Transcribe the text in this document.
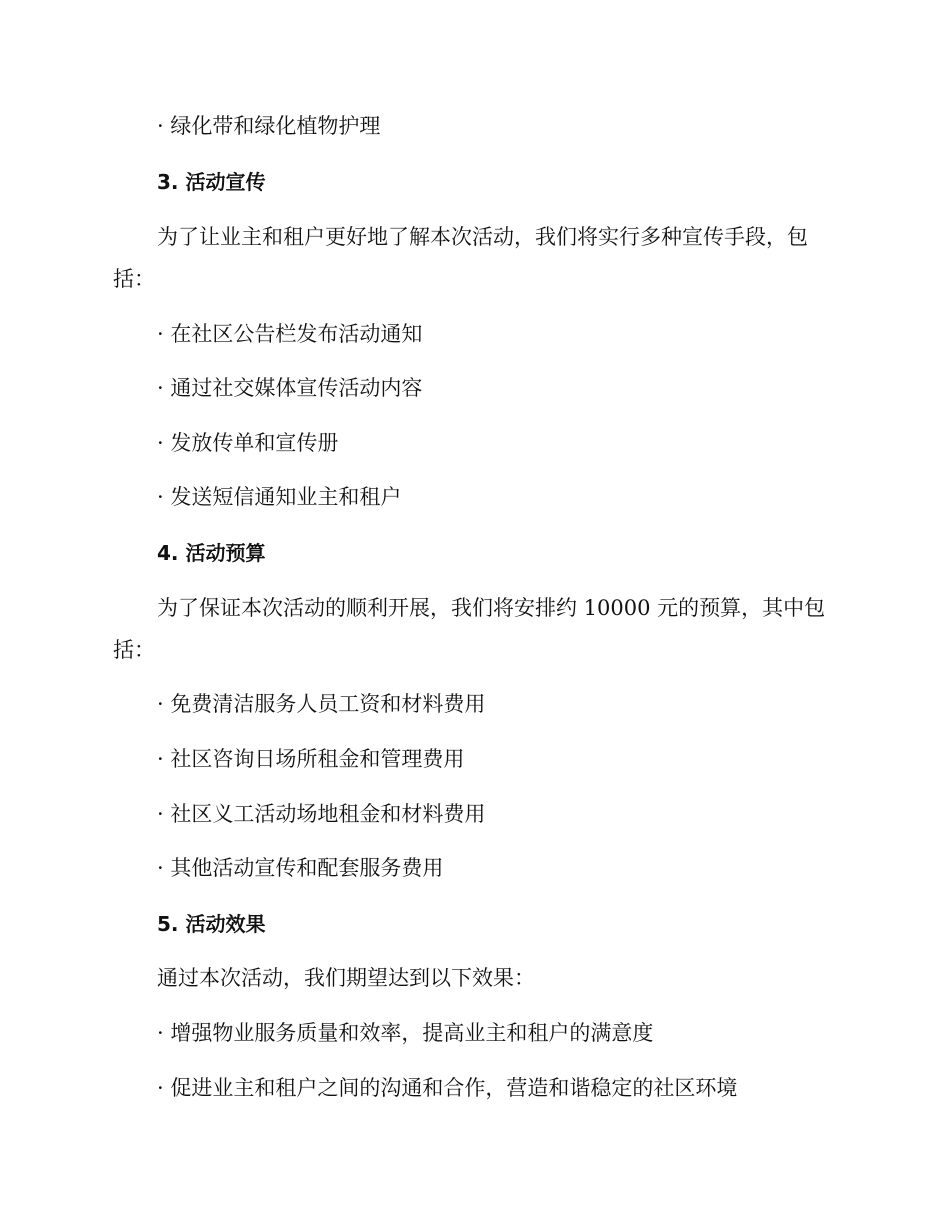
· 绿化带和绿化植物护理
3. 活动宣传
为了让业主和租户更好地了解本次活动，我们将实行多种宣传手段，包括：
· 在社区公告栏发布活动通知
· 通过社交媒体宣传活动内容
· 发放传单和宣传册
· 发送短信通知业主和租户
4. 活动预算
为了保证本次活动的顺利开展，我们将安排约 10000 元的预算，其中包括：
· 免费清洁服务人员工资和材料费用
· 社区咨询日场所租金和管理费用
· 社区义工活动场地租金和材料费用
· 其他活动宣传和配套服务费用
5. 活动效果
通过本次活动，我们期望达到以下效果：
· 增强物业服务质量和效率，提高业主和租户的满意度
· 促进业主和租户之间的沟通和合作，营造和谐稳定的社区环境
